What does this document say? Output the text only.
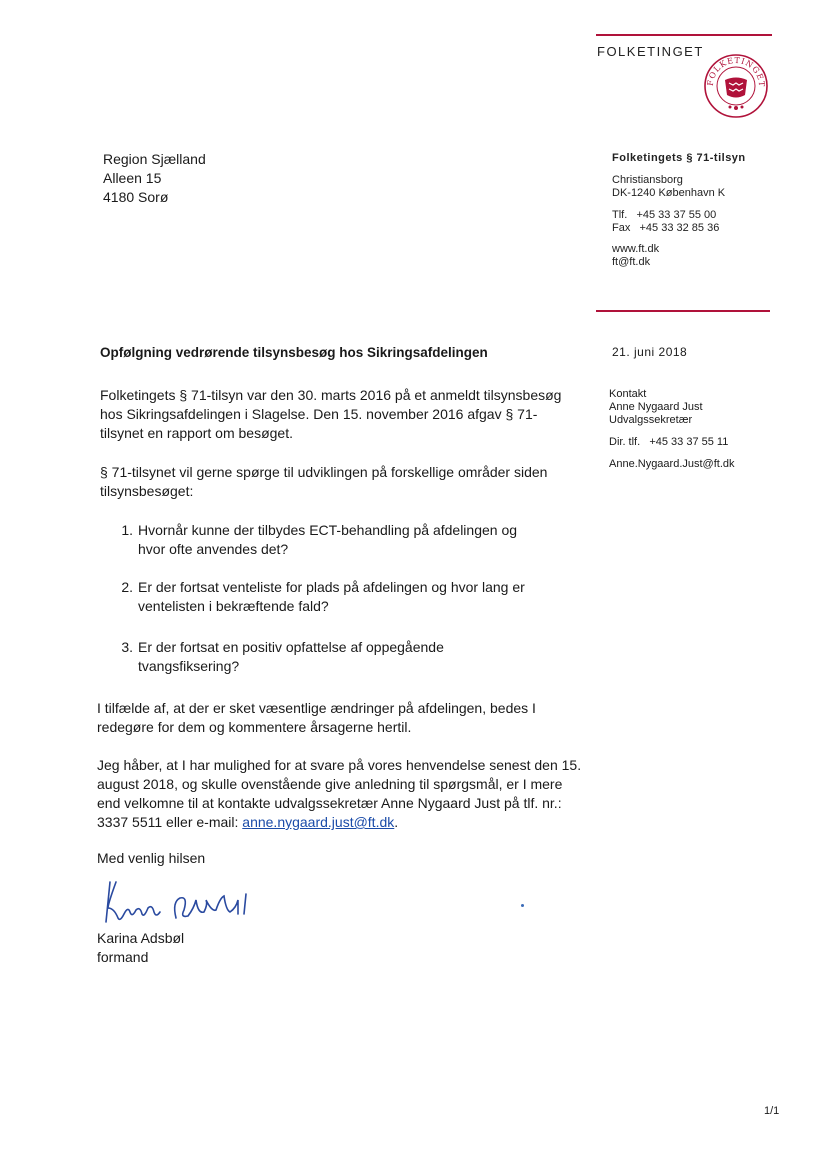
FOLKETINGET
FOLKETINGET
Region Sjælland
Alleen 15
4180 Sorø
Folketingets § 71-tilsyn
Christiansborg
DK-1240 København K
Tlf.   +45 33 37 55 00
Fax   +45 33 32 85 36
www.ft.dk
ft@ft.dk
21. juni 2018
Kontakt
Anne Nygaard Just
Udvalgssekretær
Dir. tlf.   +45 33 37 55 11
Anne.Nygaard.Just@ft.dk
Opfølgning vedrørende tilsynsbesøg hos Sikringsafdelingen
Folketingets § 71-tilsyn var den 30. marts 2016 på et anmeldt tilsynsbesøg hos Sikringsafdelingen i Slagelse. Den 15. november 2016 afgav § 71-tilsynet en rapport om besøget.
§ 71-tilsynet vil gerne spørge til udviklingen på forskellige områder siden tilsynsbesøget:
1. Hvornår kunne der tilbydes ECT-behandling på afdelingen og hvor ofte anvendes det?
2. Er der fortsat venteliste for plads på afdelingen og hvor lang er ventelisten i bekræftende fald?
3. Er der fortsat en positiv opfattelse af oppegående tvangsfiksering?
I tilfælde af, at der er sket væsentlige ændringer på afdelingen, bedes I redegøre for dem og kommentere årsagerne hertil.
Jeg håber, at I har mulighed for at svare på vores henvendelse senest den 15. august 2018, og skulle ovenstående give anledning til spørgsmål, er I mere end velkomne til at kontakte udvalgssekretær Anne Nygaard Just på tlf. nr.: 3337 5511 eller e-mail: anne.nygaard.just@ft.dk.
Med venlig hilsen
Karina Adsbøl
formand
1/1
